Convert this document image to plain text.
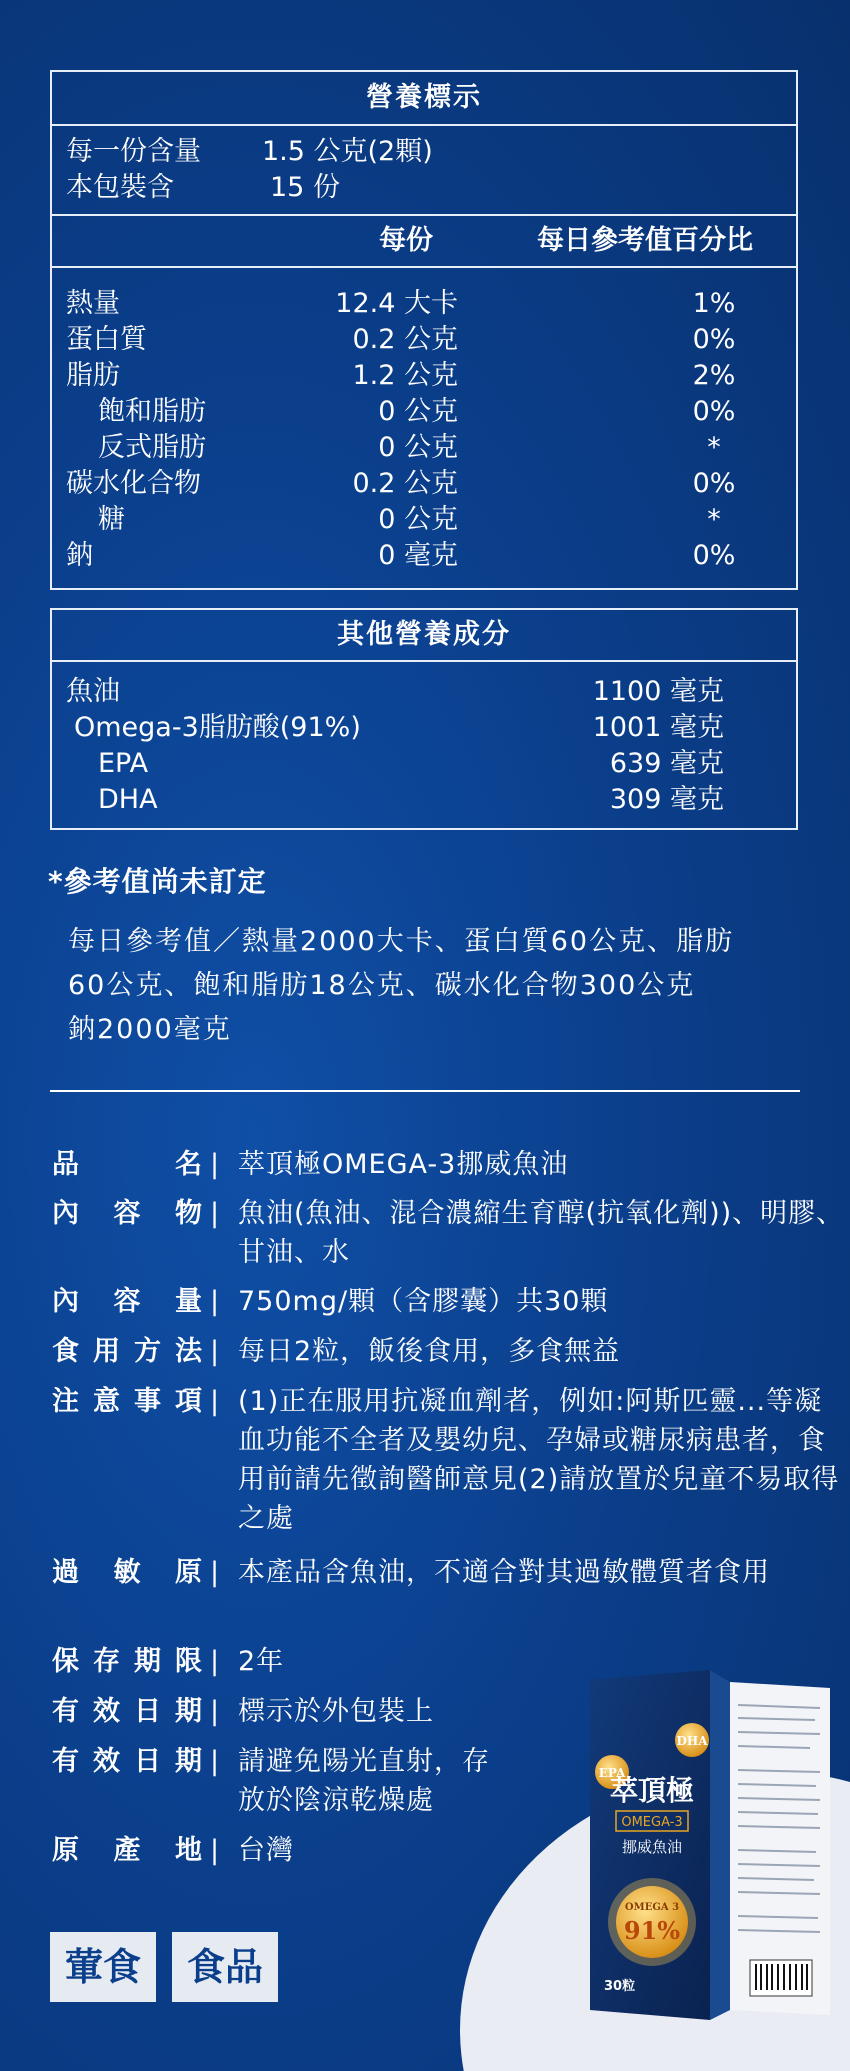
營養標示
每一份含量 1.5 公克(2顆)
本包裝含	15 份
每份	每日參考值百分比
熱量	12.4 大卡	1%
蛋白質	0.2 公克	0%
脂肪	1.2 公克	2%
飽和脂肪	0 公克	0%
反式脂肪	0 公克	*
碳水化合物	0.2 公克	0%
糖	0 公克	*
鈉	0 毫克	0%
其他營養成分
魚油	1100 毫克
Omega-3脂肪酸(91%)	1001 毫克
EPA	639 毫克
DHA	309 毫克
*參考值尚未訂定
每日參考值／熱量2000大卡、蛋白質60公克、脂肪
60公克、飽和脂肪18公克、碳水化合物300公克
鈉2000毫克
品	名 | 萃頂極OMEGA-3挪威魚油
內 容 物 | 魚油(魚油、混合濃縮生育醇(抗氧化劑))、明膠、甘油、水
內 容 量 | 750mg/顆（含膠囊）共30顆
食 用 方 法 | 每日2粒，飯後食用，多食無益
注 意 事 項 | (1)正在服用抗凝血劑者，例如:阿斯匹靈...等凝血功能不全者及嬰幼兒、孕婦或糖尿病患者，食用前請先徵詢醫師意見(2)請放置於兒童不易取得之處
過 敏 原 | 本產品含魚油，不適合對其過敏體質者食用
保 存 期 限 | 2年
有 效 日 期 | 標示於外包裝上
有 效 日 期 | 請避免陽光直射，存放於陰涼乾燥處
原 產 地 | 台灣
EPA
DHA
萃頂極
OMEGA-3
挪威魚油
OMEGA 3
91%
30粒
葷食	食品
